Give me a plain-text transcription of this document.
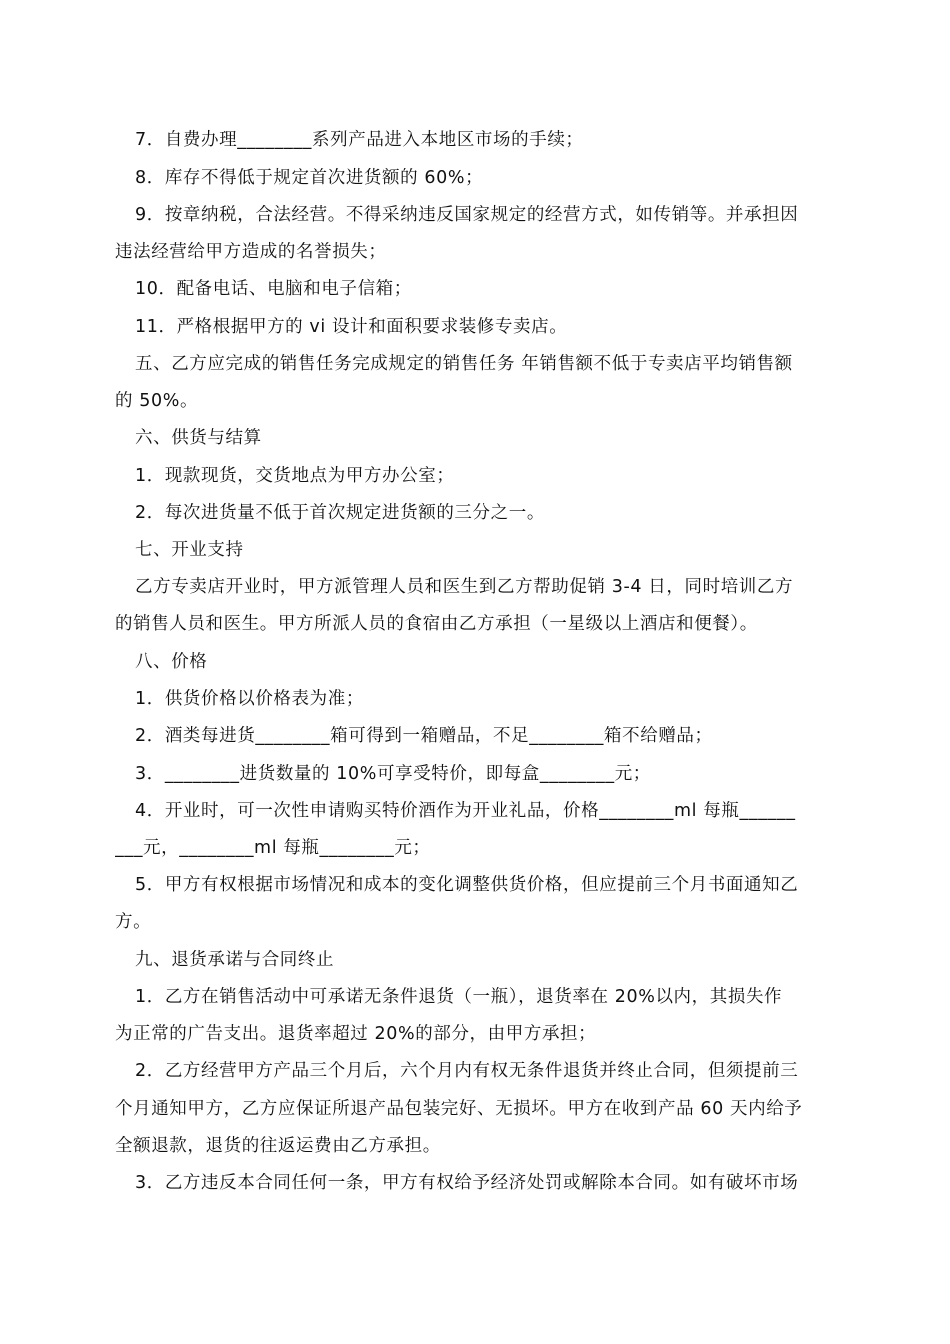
7．自费办理________系列产品进入本地区市场的手续；
8．库存不得低于规定首次进货额的 60%；
9．按章纳税，合法经营。不得采纳违反国家规定的经营方式，如传销等。并承担因
违法经营给甲方造成的名誉损失；
10．配备电话、电脑和电子信箱；
11．严格根据甲方的 vi 设计和面积要求装修专卖店。
五、乙方应完成的销售任务完成规定的销售任务 年销售额不低于专卖店平均销售额
的 50%。
六、供货与结算
1．现款现货，交货地点为甲方办公室；
2．每次进货量不低于首次规定进货额的三分之一。
七、开业支持
乙方专卖店开业时，甲方派管理人员和医生到乙方帮助促销 3-4 日，同时培训乙方
的销售人员和医生。甲方所派人员的食宿由乙方承担（一星级以上酒店和便餐）。
八、价格
1．供货价格以价格表为准；
2．酒类每进货________箱可得到一箱赠品，不足________箱不给赠品；
3．________进货数量的 10%可享受特价，即每盒________元；
4．开业时，可一次性申请购买特价酒作为开业礼品，价格________ml 每瓶______
___元，________ml 每瓶________元；
5．甲方有权根据市场情况和成本的变化调整供货价格，但应提前三个月书面通知乙
方。
九、退货承诺与合同终止
1．乙方在销售活动中可承诺无条件退货（一瓶），退货率在 20%以内，其损失作
为正常的广告支出。退货率超过 20%的部分，由甲方承担；
2．乙方经营甲方产品三个月后，六个月内有权无条件退货并终止合同，但须提前三
个月通知甲方，乙方应保证所退产品包装完好、无损坏。甲方在收到产品 60 天内给予
全额退款，退货的往返运费由乙方承担。
3．乙方违反本合同任何一条，甲方有权给予经济处罚或解除本合同。如有破坏市场
